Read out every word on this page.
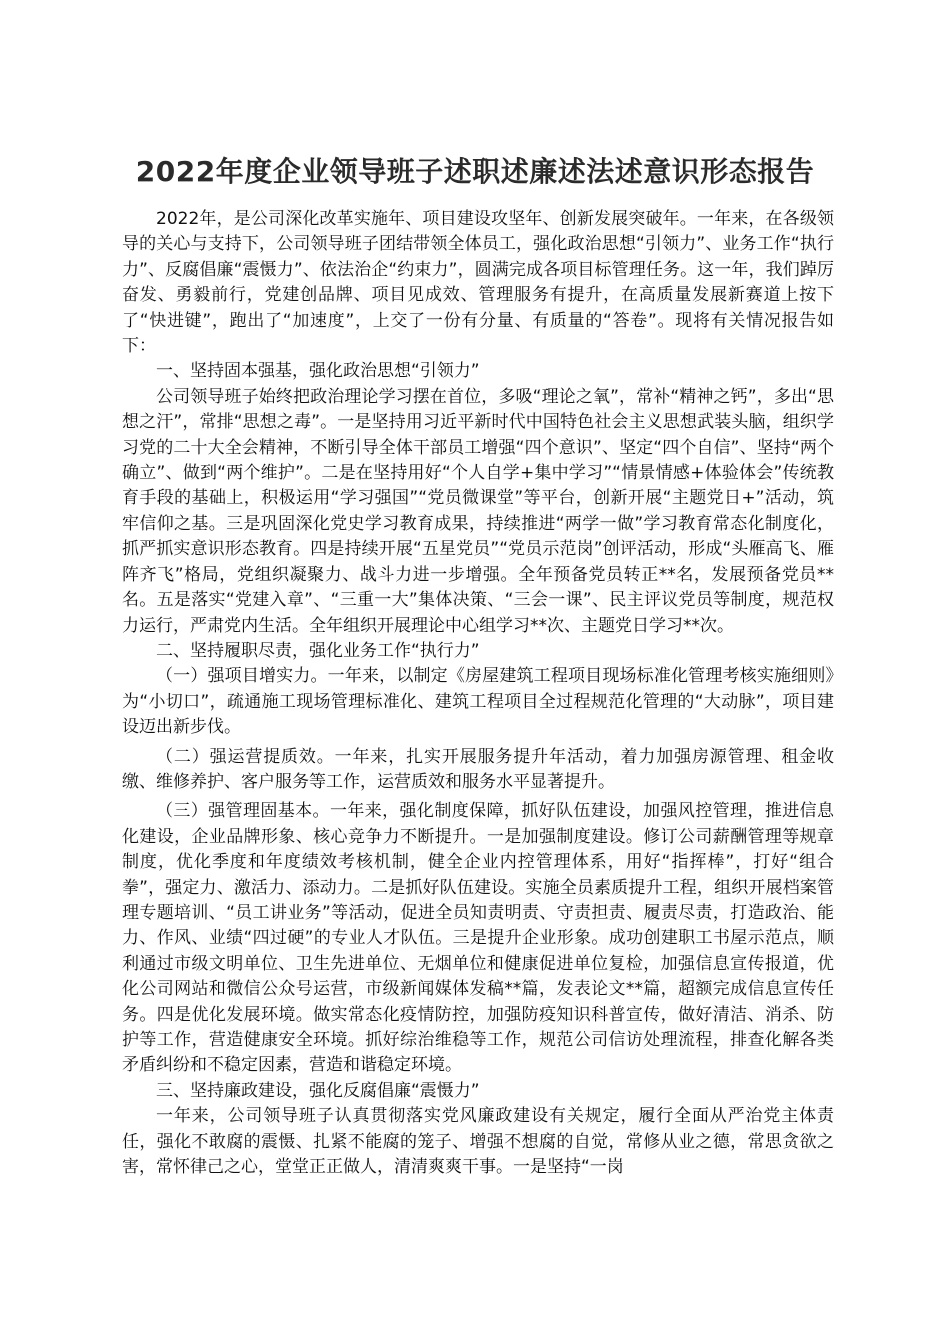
2022年度企业领导班子述职述廉述法述意识形态报告

2022年，是公司深化改革实施年、项目建设攻坚年、创新发展突破年。一年来，在各级领导的关心与支持下，公司领导班子团结带领全体员工，强化政治思想“引领力”、业务工作“执行力”、反腐倡廉“震慑力”、依法治企“约束力”，圆满完成各项目标管理任务。这一年，我们踔厉奋发、勇毅前行，党建创品牌、项目见成效、管理服务有提升，在高质量发展新赛道上按下了“快进键”，跑出了“加速度”，上交了一份有分量、有质量的“答卷”。现将有关情况报告如下：

一、坚持固本强基，强化政治思想“引领力”

公司领导班子始终把政治理论学习摆在首位，多吸“理论之氧”，常补“精神之钙”，多出“思想之汗”，常排“思想之毒”。一是坚持用习近平新时代中国特色社会主义思想武装头脑，组织学习党的二十大全会精神，不断引导全体干部员工增强“四个意识”、坚定“四个自信”、坚持“两个确立”、做到“两个维护”。二是在坚持用好“个人自学+集中学习”“情景情感+体验体会”传统教育手段的基础上，积极运用“学习强国”“党员微课堂”等平台，创新开展“主题党日+”活动，筑牢信仰之基。三是巩固深化党史学习教育成果，持续推进“两学一做”学习教育常态化制度化，抓严抓实意识形态教育。四是持续开展“五星党员”“党员示范岗”创评活动，形成“头雁高飞、雁阵齐飞”格局，党组织凝聚力、战斗力进一步增强。全年预备党员转正**名，发展预备党员**名。五是落实“党建入章”、“三重一大”集体决策、“三会一课”、民主评议党员等制度，规范权力运行，严肃党内生活。全年组织开展理论中心组学习**次、主题党日学习**次。

二、坚持履职尽责，强化业务工作“执行力”

（一）强项目增实力。一年来，以制定《房屋建筑工程项目现场标准化管理考核实施细则》为“小切口”，疏通施工现场管理标准化、建筑工程项目全过程规范化管理的“大动脉”，项目建设迈出新步伐。

（二）强运营提质效。一年来，扎实开展服务提升年活动，着力加强房源管理、租金收缴、维修养护、客户服务等工作，运营质效和服务水平显著提升。

（三）强管理固基本。一年来，强化制度保障，抓好队伍建设，加强风控管理，推进信息化建设，企业品牌形象、核心竞争力不断提升。一是加强制度建设。修订公司薪酬管理等规章制度，优化季度和年度绩效考核机制，健全企业内控管理体系，用好“指挥棒”，打好“组合拳”，强定力、激活力、添动力。二是抓好队伍建设。实施全员素质提升工程，组织开展档案管理专题培训、“员工讲业务”等活动，促进全员知责明责、守责担责、履责尽责，打造政治、能力、作风、业绩“四过硬”的专业人才队伍。三是提升企业形象。成功创建职工书屋示范点，顺利通过市级文明单位、卫生先进单位、无烟单位和健康促进单位复检，加强信息宣传报道，优化公司网站和微信公众号运营，市级新闻媒体发稿**篇，发表论文**篇，超额完成信息宣传任务。四是优化发展环境。做实常态化疫情防控，加强防疫知识科普宣传，做好清洁、消杀、防护等工作，营造健康安全环境。抓好综治维稳等工作，规范公司信访处理流程，排查化解各类矛盾纠纷和不稳定因素，营造和谐稳定环境。

三、坚持廉政建设，强化反腐倡廉“震慑力”

一年来，公司领导班子认真贯彻落实党风廉政建设有关规定，履行全面从严治党主体责任，强化不敢腐的震慑、扎紧不能腐的笼子、增强不想腐的自觉，常修从业之德，常思贪欲之害，常怀律己之心，堂堂正正做人，清清爽爽干事。一是坚持“一岗
